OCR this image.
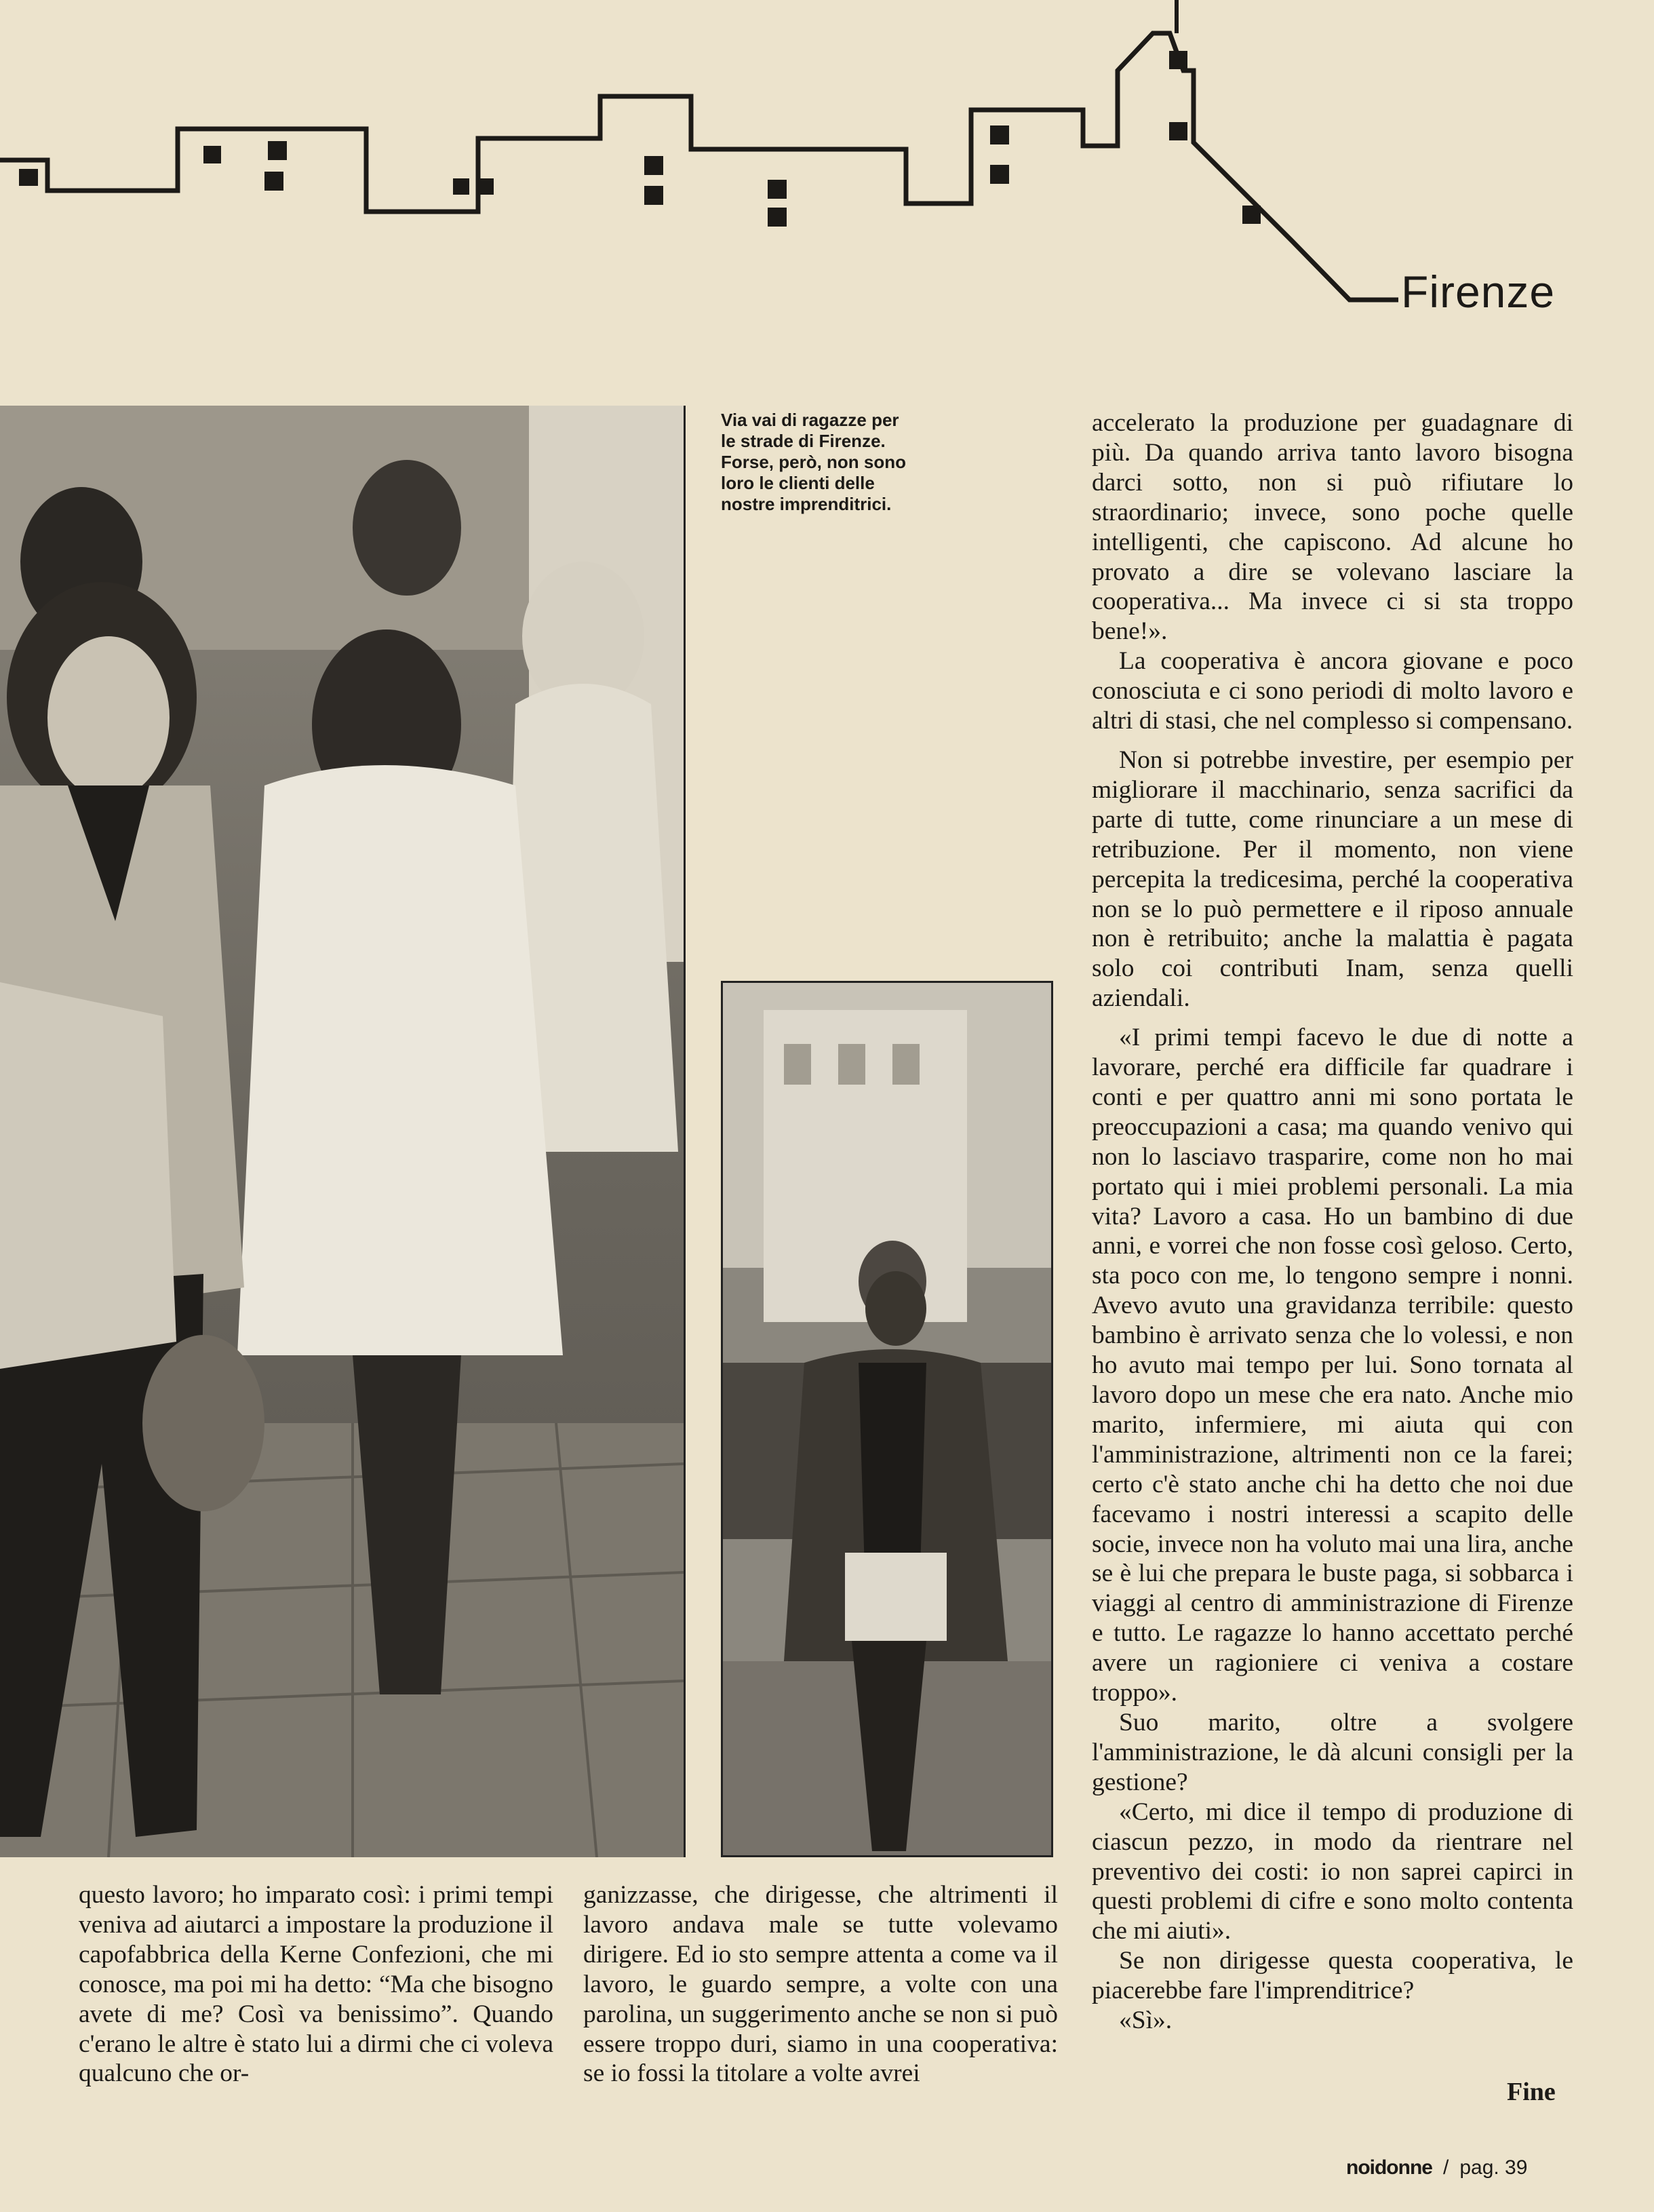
Firenze
Via vai di ragazze per le strade di Firenze. Forse, però, non sono loro le clienti delle nostre imprenditrici.

accelerato la produzione per guadagnare di più. Da quando arriva tanto lavoro bisogna darci sotto, non si può rifiutare lo straordinario; invece, sono poche quelle intelligenti, che capiscono. Ad alcune ho provato a dire se volevano lasciare la cooperativa... Ma invece ci si sta troppo bene!».

La cooperativa è ancora giovane e poco conosciuta e ci sono periodi di molto lavoro e altri di stasi, che nel complesso si compensano.

Non si potrebbe investire, per esempio per migliorare il macchinario, senza sacrifici da parte di tutte, come rinunciare a un mese di retribuzione. Per il momento, non viene percepita la tredicesima, perché la cooperativa non se lo può permettere e il riposo annuale non è retribuito; anche la malattia è pagata solo coi contributi Inam, senza quelli aziendali.

«I primi tempi facevo le due di notte a lavorare, perché era difficile far quadrare i conti e per quattro anni mi sono portata le preoccupazioni a casa; ma quando venivo qui non lo lasciavo trasparire, come non ho mai portato qui i miei problemi personali. La mia vita? Lavoro a casa. Ho un bambino di due anni, e vorrei che non fosse così geloso. Certo, sta poco con me, lo tengono sempre i nonni. Avevo avuto una gravidanza terribile: questo bambino è arrivato senza che lo volessi, e non ho avuto mai tempo per lui. Sono tornata al lavoro dopo un mese che era nato. Anche mio marito, infermiere, mi aiuta qui con l'amministrazione, altrimenti non ce la farei; certo c'è stato anche chi ha detto che noi due facevamo i nostri interessi a scapito delle socie, invece non ha voluto mai una lira, anche se è lui che prepara le buste paga, si sobbarca i viaggi al centro di amministrazione di Firenze e tutto. Le ragazze lo hanno accettato perché avere un ragioniere ci veniva a costare troppo».

Suo marito, oltre a svolgere l'amministrazione, le dà alcuni consigli per la gestione?

«Certo, mi dice il tempo di produzione di ciascun pezzo, in modo da rientrare nel preventivo dei costi: io non saprei capirci in questi problemi di cifre e sono molto contenta che mi aiuti».

Se non dirigesse questa cooperativa, le piacerebbe fare l'imprenditrice?

«Sì».

questo lavoro; ho imparato così: i primi tempi veniva ad aiutarci a impostare la produzione il capofabbrica della Kerne Confezioni, che mi conosce, ma poi mi ha detto: “Ma che bisogno avete di me? Così va benissimo”. Quando c'erano le altre è stato lui a dirmi che ci voleva qualcuno che or-

ganizzasse, che dirigesse, che altrimenti il lavoro andava male se tutte volevamo dirigere. Ed io sto sempre attenta a come va il lavoro, le guardo sempre, a volte con una parolina, un suggerimento anche se non si può essere troppo duri, siamo in una cooperativa: se io fossi la titolare a volte avrei

Fine
noidonne / pag. 39
